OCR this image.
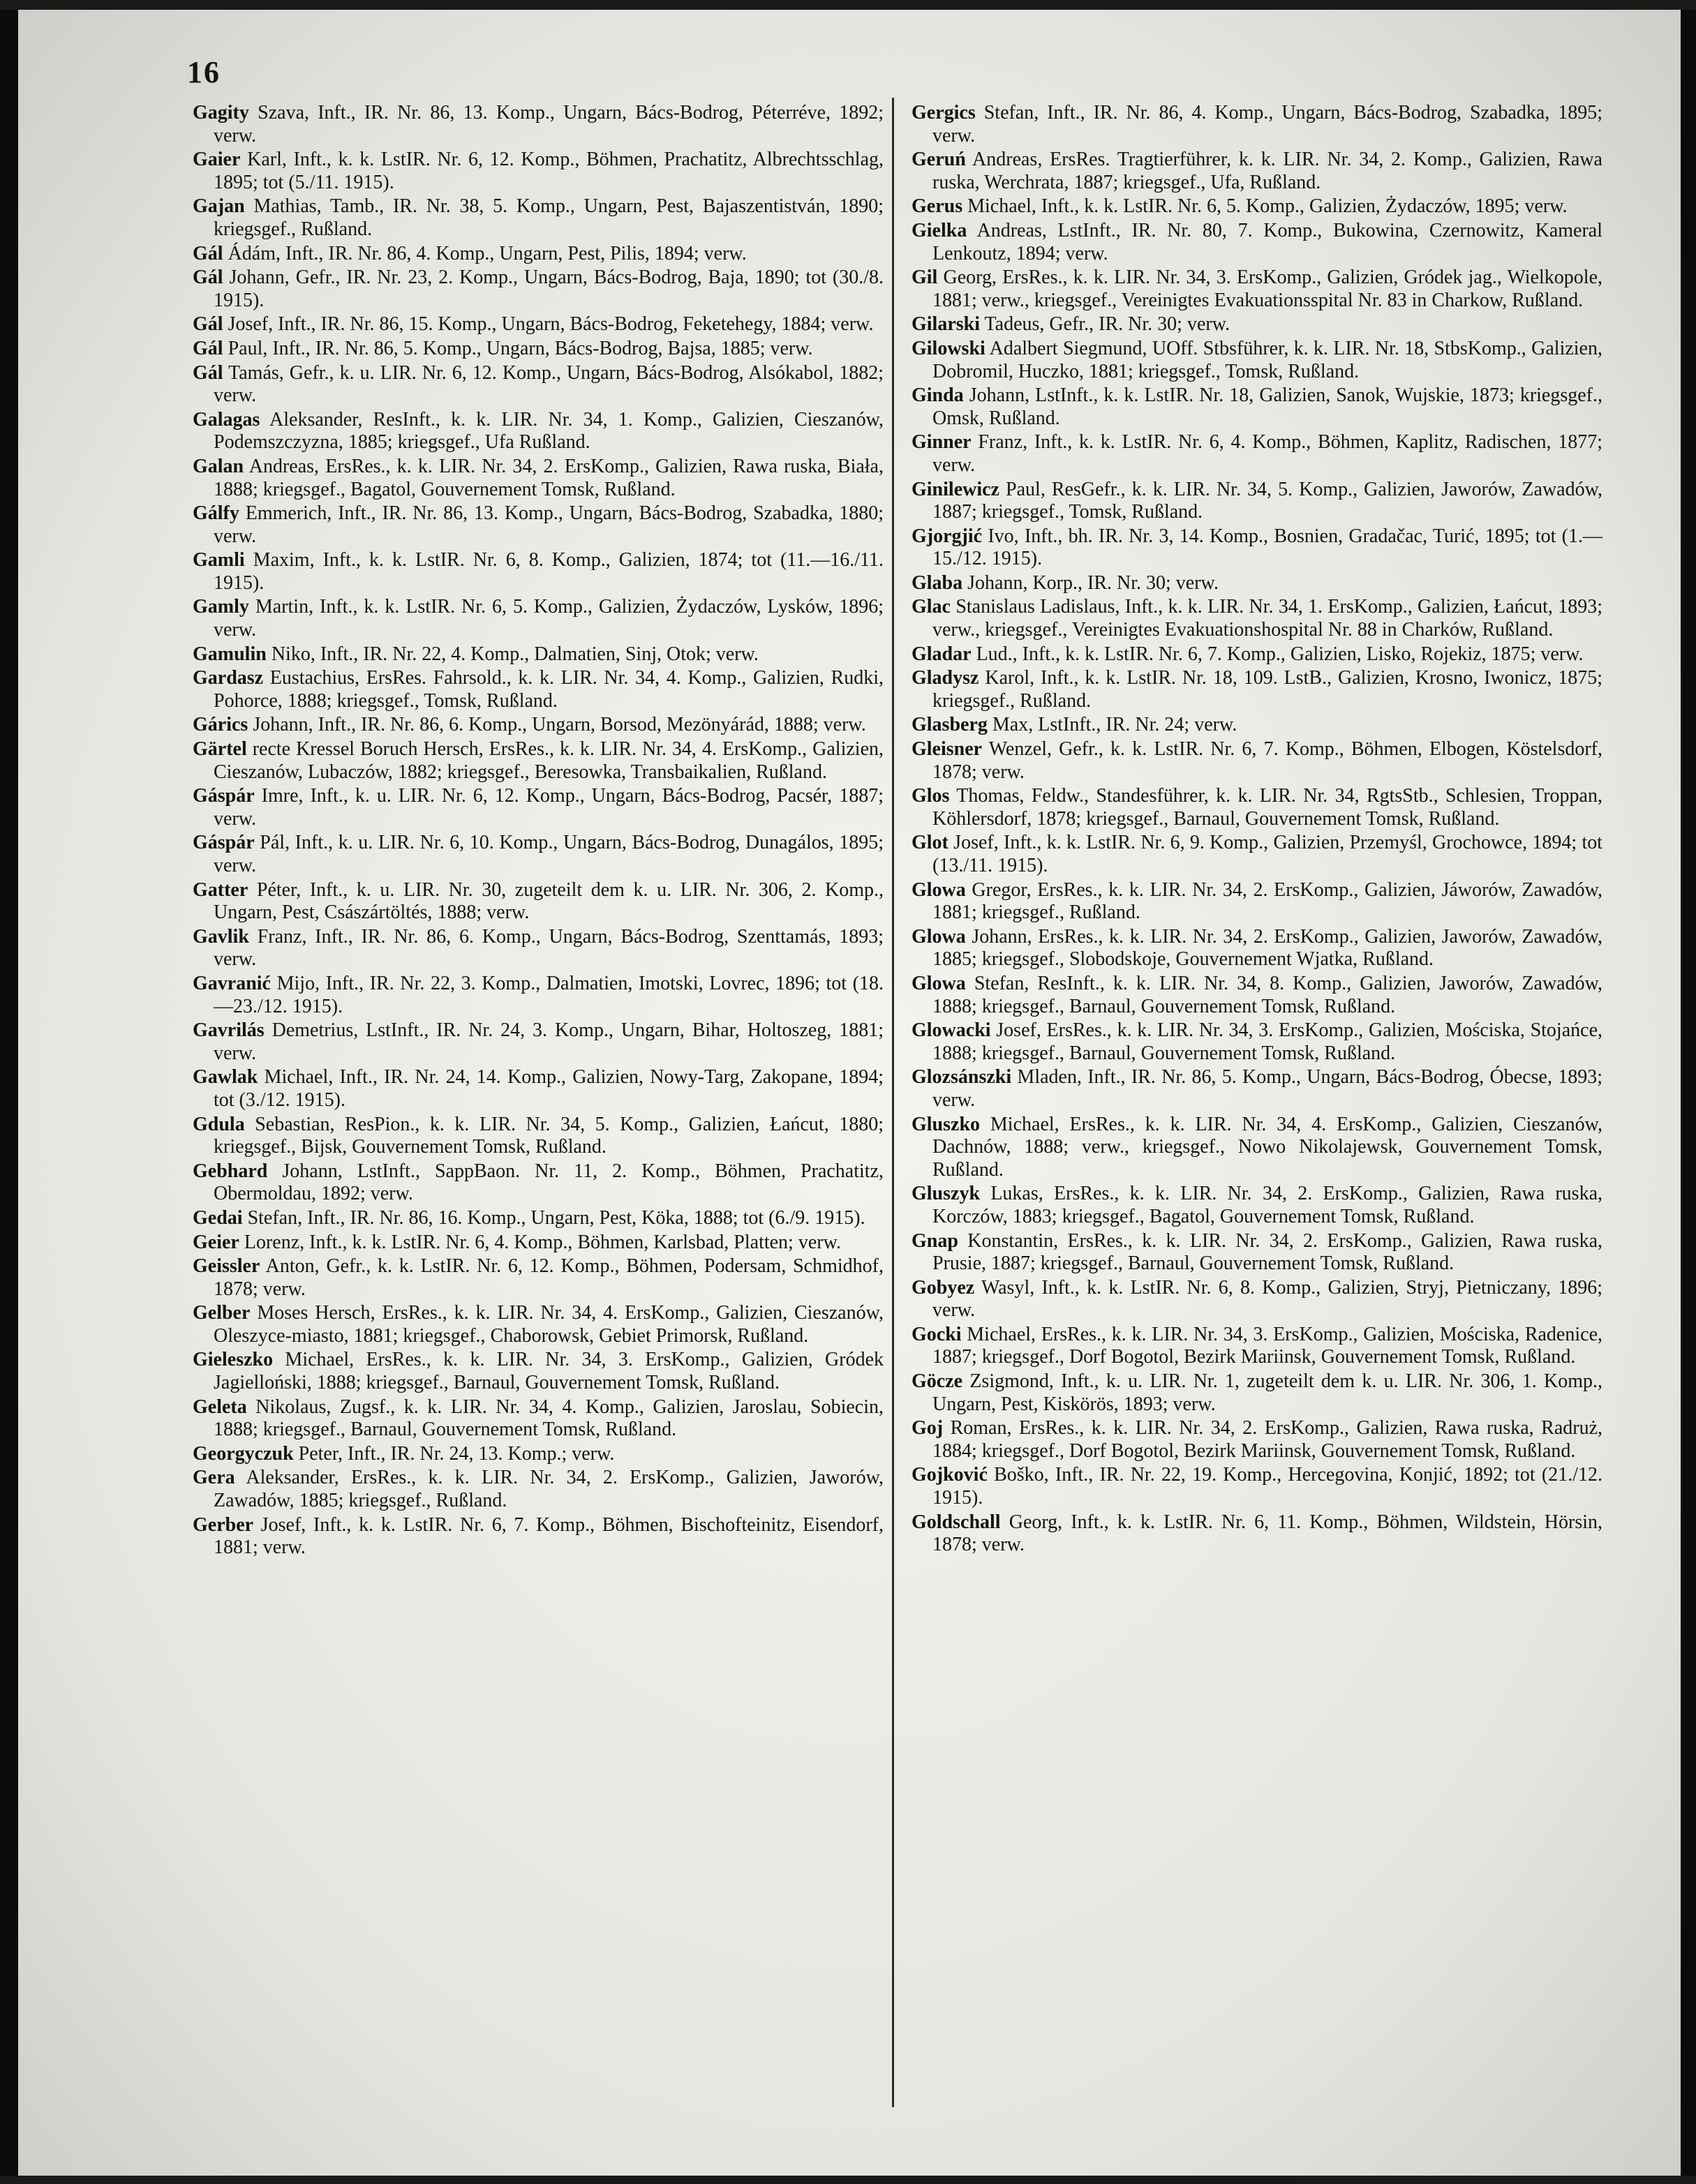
16

Gagity Szava, Inft., IR. Nr. 86, 13. Komp., Ungarn, Bács-Bodrog, Péterréve, 1892; verw.

Gaier Karl, Inft., k. k. LstIR. Nr. 6, 12. Komp., Böhmen, Prachatitz, Albrechtsschlag, 1895; tot (5./11. 1915).

Gajan Mathias, Tamb., IR. Nr. 38, 5. Komp., Ungarn, Pest, Bajaszentistván, 1890; kriegsgef., Rußland.

Gál Ádám, Inft., IR. Nr. 86, 4. Komp., Ungarn, Pest, Pilis, 1894; verw.

Gál Johann, Gefr., IR. Nr. 23, 2. Komp., Ungarn, Bács-Bodrog, Baja, 1890; tot (30./8. 1915).

Gál Josef, Inft., IR. Nr. 86, 15. Komp., Ungarn, Bács-Bodrog, Feketehegy, 1884; verw.

Gál Paul, Inft., IR. Nr. 86, 5. Komp., Ungarn, Bács-Bodrog, Bajsa, 1885; verw.

Gál Tamás, Gefr., k. u. LIR. Nr. 6, 12. Komp., Ungarn, Bács-Bodrog, Alsókabol, 1882; verw.

Galagas Aleksander, ResInft., k. k. LIR. Nr. 34, 1. Komp., Galizien, Cieszanów, Podemszczyzna, 1885; kriegsgef., Ufa Rußland.

Galan Andreas, ErsRes., k. k. LIR. Nr. 34, 2. ErsKomp., Galizien, Rawa ruska, Biała, 1888; kriegsgef., Bagatol, Gouvernement Tomsk, Rußland.

Gálfy Emmerich, Inft., IR. Nr. 86, 13. Komp., Ungarn, Bács-Bodrog, Szabadka, 1880; verw.

Gamli Maxim, Inft., k. k. LstIR. Nr. 6, 8. Komp., Galizien, 1874; tot (11.—16./11. 1915).

Gamly Martin, Inft., k. k. LstIR. Nr. 6, 5. Komp., Galizien, Żydaczów, Lysków, 1896; verw.

Gamulin Niko, Inft., IR. Nr. 22, 4. Komp., Dalmatien, Sinj, Otok; verw.

Gardasz Eustachius, ErsRes. Fahrsold., k. k. LIR. Nr. 34, 4. Komp., Galizien, Rudki, Pohorce, 1888; kriegsgef., Tomsk, Rußland.

Gárics Johann, Inft., IR. Nr. 86, 6. Komp., Ungarn, Borsod, Mezönyárád, 1888; verw.

Gärtel recte Kressel Boruch Hersch, ErsRes., k. k. LIR. Nr. 34, 4. ErsKomp., Galizien, Cieszanów, Lubaczów, 1882; kriegsgef., Beresowka, Transbaikalien, Rußland.

Gáspár Imre, Inft., k. u. LIR. Nr. 6, 12. Komp., Ungarn, Bács-Bodrog, Pacsér, 1887; verw.

Gáspár Pál, Inft., k. u. LIR. Nr. 6, 10. Komp., Ungarn, Bács-Bodrog, Dunagálos, 1895; verw.

Gatter Péter, Inft., k. u. LIR. Nr. 30, zugeteilt dem k. u. LIR. Nr. 306, 2. Komp., Ungarn, Pest, Császártöltés, 1888; verw.

Gavlik Franz, Inft., IR. Nr. 86, 6. Komp., Ungarn, Bács-Bodrog, Szenttamás, 1893; verw.

Gavranić Mijo, Inft., IR. Nr. 22, 3. Komp., Dalmatien, Imotski, Lovrec, 1896; tot (18.—23./12. 1915).

Gavrilás Demetrius, LstInft., IR. Nr. 24, 3. Komp., Ungarn, Bihar, Holtoszeg, 1881; verw.

Gawlak Michael, Inft., IR. Nr. 24, 14. Komp., Galizien, Nowy-Targ, Zakopane, 1894; tot (3./12. 1915).

Gdula Sebastian, ResPion., k. k. LIR. Nr. 34, 5. Komp., Galizien, Łańcut, 1880; kriegsgef., Bijsk, Gouvernement Tomsk, Rußland.

Gebhard Johann, LstInft., SappBaon. Nr. 11, 2. Komp., Böhmen, Prachatitz, Obermoldau, 1892; verw.

Gedai Stefan, Inft., IR. Nr. 86, 16. Komp., Ungarn, Pest, Köka, 1888; tot (6./9. 1915).

Geier Lorenz, Inft., k. k. LstIR. Nr. 6, 4. Komp., Böhmen, Karlsbad, Platten; verw.

Geissler Anton, Gefr., k. k. LstIR. Nr. 6, 12. Komp., Böhmen, Podersam, Schmidhof, 1878; verw.

Gelber Moses Hersch, ErsRes., k. k. LIR. Nr. 34, 4. ErsKomp., Galizien, Cieszanów, Oleszyce-miasto, 1881; kriegsgef., Chaborowsk, Gebiet Primorsk, Rußland.

Gieleszko Michael, ErsRes., k. k. LIR. Nr. 34, 3. ErsKomp., Galizien, Gródek Jagielloński, 1888; kriegsgef., Barnaul, Gouvernement Tomsk, Rußland.

Geleta Nikolaus, Zugsf., k. k. LIR. Nr. 34, 4. Komp., Galizien, Jaroslau, Sobiecin, 1888; kriegsgef., Barnaul, Gouvernement Tomsk, Rußland.

Georgyczuk Peter, Inft., IR. Nr. 24, 13. Komp.; verw.

Gera Aleksander, ErsRes., k. k. LIR. Nr. 34, 2. ErsKomp., Galizien, Jaworów, Zawadów, 1885; kriegsgef., Rußland.

Gerber Josef, Inft., k. k. LstIR. Nr. 6, 7. Komp., Böhmen, Bischofteinitz, Eisendorf, 1881; verw.

Gergics Stefan, Inft., IR. Nr. 86, 4. Komp., Ungarn, Bács-Bodrog, Szabadka, 1895; verw.

Geruń Andreas, ErsRes. Tragtierführer, k. k. LIR. Nr. 34, 2. Komp., Galizien, Rawa ruska, Werchrata, 1887; kriegsgef., Ufa, Rußland.

Gerus Michael, Inft., k. k. LstIR. Nr. 6, 5. Komp., Galizien, Żydaczów, 1895; verw.

Gielka Andreas, LstInft., IR. Nr. 80, 7. Komp., Bukowina, Czernowitz, Kameral Lenkoutz, 1894; verw.

Gil Georg, ErsRes., k. k. LIR. Nr. 34, 3. ErsKomp., Galizien, Gródek jag., Wielkopole, 1881; verw., kriegsgef., Vereinigtes Evakuationsspital Nr. 83 in Charkow, Rußland.

Gilarski Tadeus, Gefr., IR. Nr. 30; verw.

Gilowski Adalbert Siegmund, UOff. Stbsführer, k. k. LIR. Nr. 18, StbsKomp., Galizien, Dobromil, Huczko, 1881; kriegsgef., Tomsk, Rußland.

Ginda Johann, LstInft., k. k. LstIR. Nr. 18, Galizien, Sanok, Wujskie, 1873; kriegsgef., Omsk, Rußland.

Ginner Franz, Inft., k. k. LstIR. Nr. 6, 4. Komp., Böhmen, Kaplitz, Radischen, 1877; verw.

Ginilewicz Paul, ResGefr., k. k. LIR. Nr. 34, 5. Komp., Galizien, Jaworów, Zawadów, 1887; kriegsgef., Tomsk, Rußland.

Gjorgjić Ivo, Inft., bh. IR. Nr. 3, 14. Komp., Bosnien, Gradačac, Turić, 1895; tot (1.—15./12. 1915).

Glaba Johann, Korp., IR. Nr. 30; verw.

Glac Stanislaus Ladislaus, Inft., k. k. LIR. Nr. 34, 1. ErsKomp., Galizien, Łańcut, 1893; verw., kriegsgef., Vereinigtes Evakuationshospital Nr. 88 in Charków, Rußland.

Gladar Lud., Inft., k. k. LstIR. Nr. 6, 7. Komp., Galizien, Lisko, Rojekiz, 1875; verw.

Gladysz Karol, Inft., k. k. LstIR. Nr. 18, 109. LstB., Galizien, Krosno, Iwonicz, 1875; kriegsgef., Rußland.

Glasberg Max, LstInft., IR. Nr. 24; verw.

Gleisner Wenzel, Gefr., k. k. LstIR. Nr. 6, 7. Komp., Böhmen, Elbogen, Köstelsdorf, 1878; verw.

Glos Thomas, Feldw., Standesführer, k. k. LIR. Nr. 34, RgtsStb., Schlesien, Troppan, Köhlersdorf, 1878; kriegsgef., Barnaul, Gouvernement Tomsk, Rußland.

Glot Josef, Inft., k. k. LstIR. Nr. 6, 9. Komp., Galizien, Przemyśl, Grochowce, 1894; tot (13./11. 1915).

Glowa Gregor, ErsRes., k. k. LIR. Nr. 34, 2. ErsKomp., Galizien, Jáworów, Zawadów, 1881; kriegsgef., Rußland.

Glowa Johann, ErsRes., k. k. LIR. Nr. 34, 2. ErsKomp., Galizien, Jaworów, Zawadów, 1885; kriegsgef., Slobodskoje, Gouvernement Wjatka, Rußland.

Glowa Stefan, ResInft., k. k. LIR. Nr. 34, 8. Komp., Galizien, Jaworów, Zawadów, 1888; kriegsgef., Barnaul, Gouvernement Tomsk, Rußland.

Glowacki Josef, ErsRes., k. k. LIR. Nr. 34, 3. ErsKomp., Galizien, Mościska, Stojańce, 1888; kriegsgef., Barnaul, Gouvernement Tomsk, Rußland.

Glozsánszki Mladen, Inft., IR. Nr. 86, 5. Komp., Ungarn, Bács-Bodrog, Óbecse, 1893; verw.

Gluszko Michael, ErsRes., k. k. LIR. Nr. 34, 4. ErsKomp., Galizien, Cieszanów, Dachnów, 1888; verw., kriegsgef., Nowo Nikolajewsk, Gouvernement Tomsk, Rußland.

Gluszyk Lukas, ErsRes., k. k. LIR. Nr. 34, 2. ErsKomp., Galizien, Rawa ruska, Korczów, 1883; kriegsgef., Bagatol, Gouvernement Tomsk, Rußland.

Gnap Konstantin, ErsRes., k. k. LIR. Nr. 34, 2. ErsKomp., Galizien, Rawa ruska, Prusie, 1887; kriegsgef., Barnaul, Gouvernement Tomsk, Rußland.

Gobyez Wasyl, Inft., k. k. LstIR. Nr. 6, 8. Komp., Galizien, Stryj, Pietniczany, 1896; verw.

Gocki Michael, ErsRes., k. k. LIR. Nr. 34, 3. ErsKomp., Galizien, Mościska, Radenice, 1887; kriegsgef., Dorf Bogotol, Bezirk Mariinsk, Gouvernement Tomsk, Rußland.

Göcze Zsigmond, Inft., k. u. LIR. Nr. 1, zugeteilt dem k. u. LIR. Nr. 306, 1. Komp., Ungarn, Pest, Kiskörös, 1893; verw.

Goj Roman, ErsRes., k. k. LIR. Nr. 34, 2. ErsKomp., Galizien, Rawa ruska, Radruż, 1884; kriegsgef., Dorf Bogotol, Bezirk Mariinsk, Gouvernement Tomsk, Rußland.

Gojković Boško, Inft., IR. Nr. 22, 19. Komp., Hercegovina, Konjić, 1892; tot (21./12. 1915).

Goldschall Georg, Inft., k. k. LstIR. Nr. 6, 11. Komp., Böhmen, Wildstein, Hörsin, 1878; verw.
